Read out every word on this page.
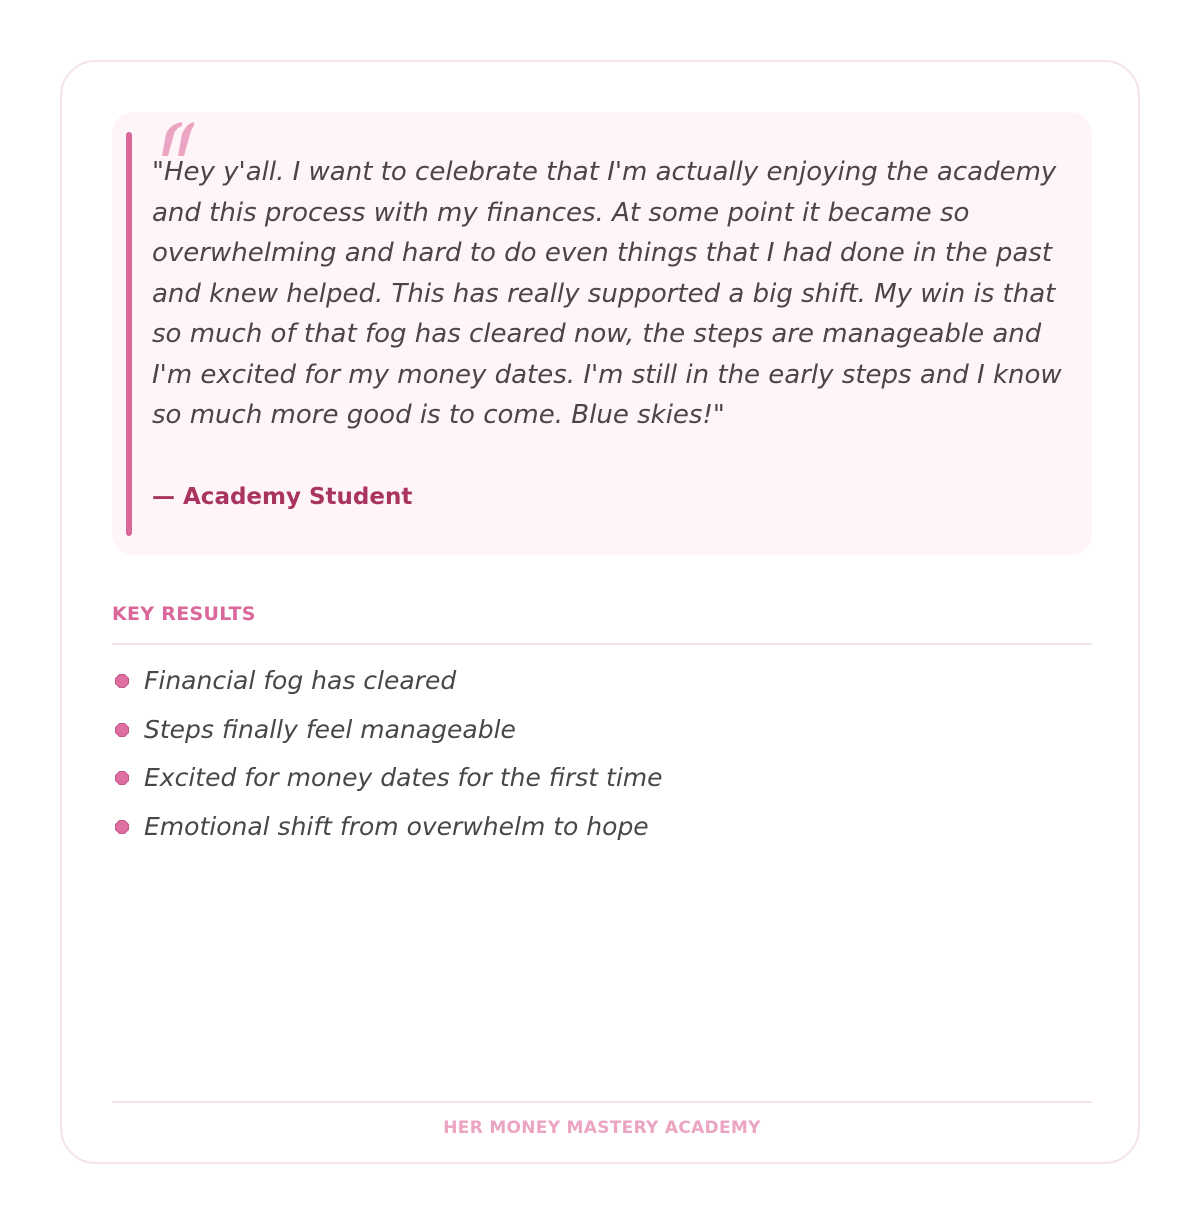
"Hey y'all. I want to celebrate that I'm actually enjoying the academy and this process with my finances. At some point it became so overwhelming and hard to do even things that I had done in the past and knew helped. This has really supported a big shift. My win is that so much of that fog has cleared now, the steps are manageable and I'm excited for my money dates. I'm still in the early steps and I know so much more good is to come. Blue skies!"

— Academy Student

KEY RESULTS
Financial fog has cleared
Steps finally feel manageable
Excited for money dates for the first time
Emotional shift from overwhelm to hope

HER MONEY MASTERY ACADEMY
